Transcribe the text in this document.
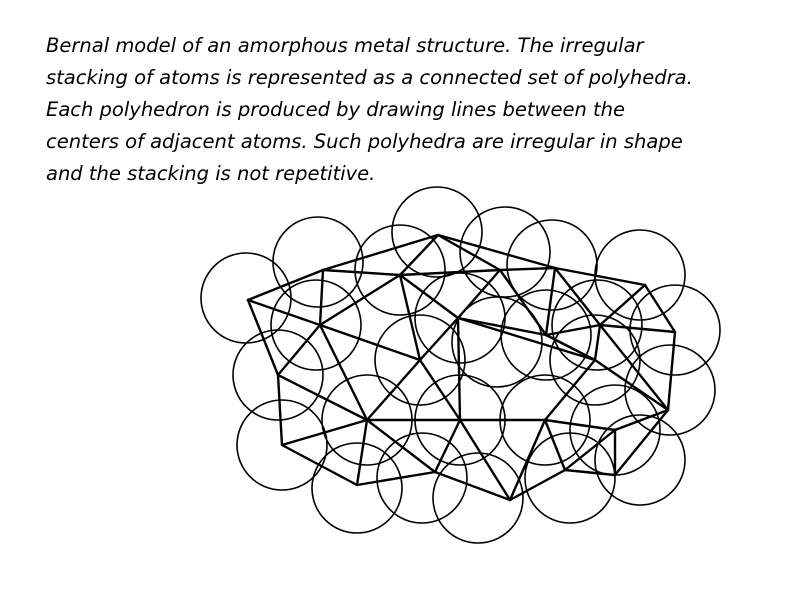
Bernal model of an amorphous metal structure. The irregular
stacking of atoms is represented as a connected set of polyhedra.
Each polyhedron is produced by drawing lines between the
centers of adjacent atoms. Such polyhedra are irregular in shape
and the stacking is not repetitive.
